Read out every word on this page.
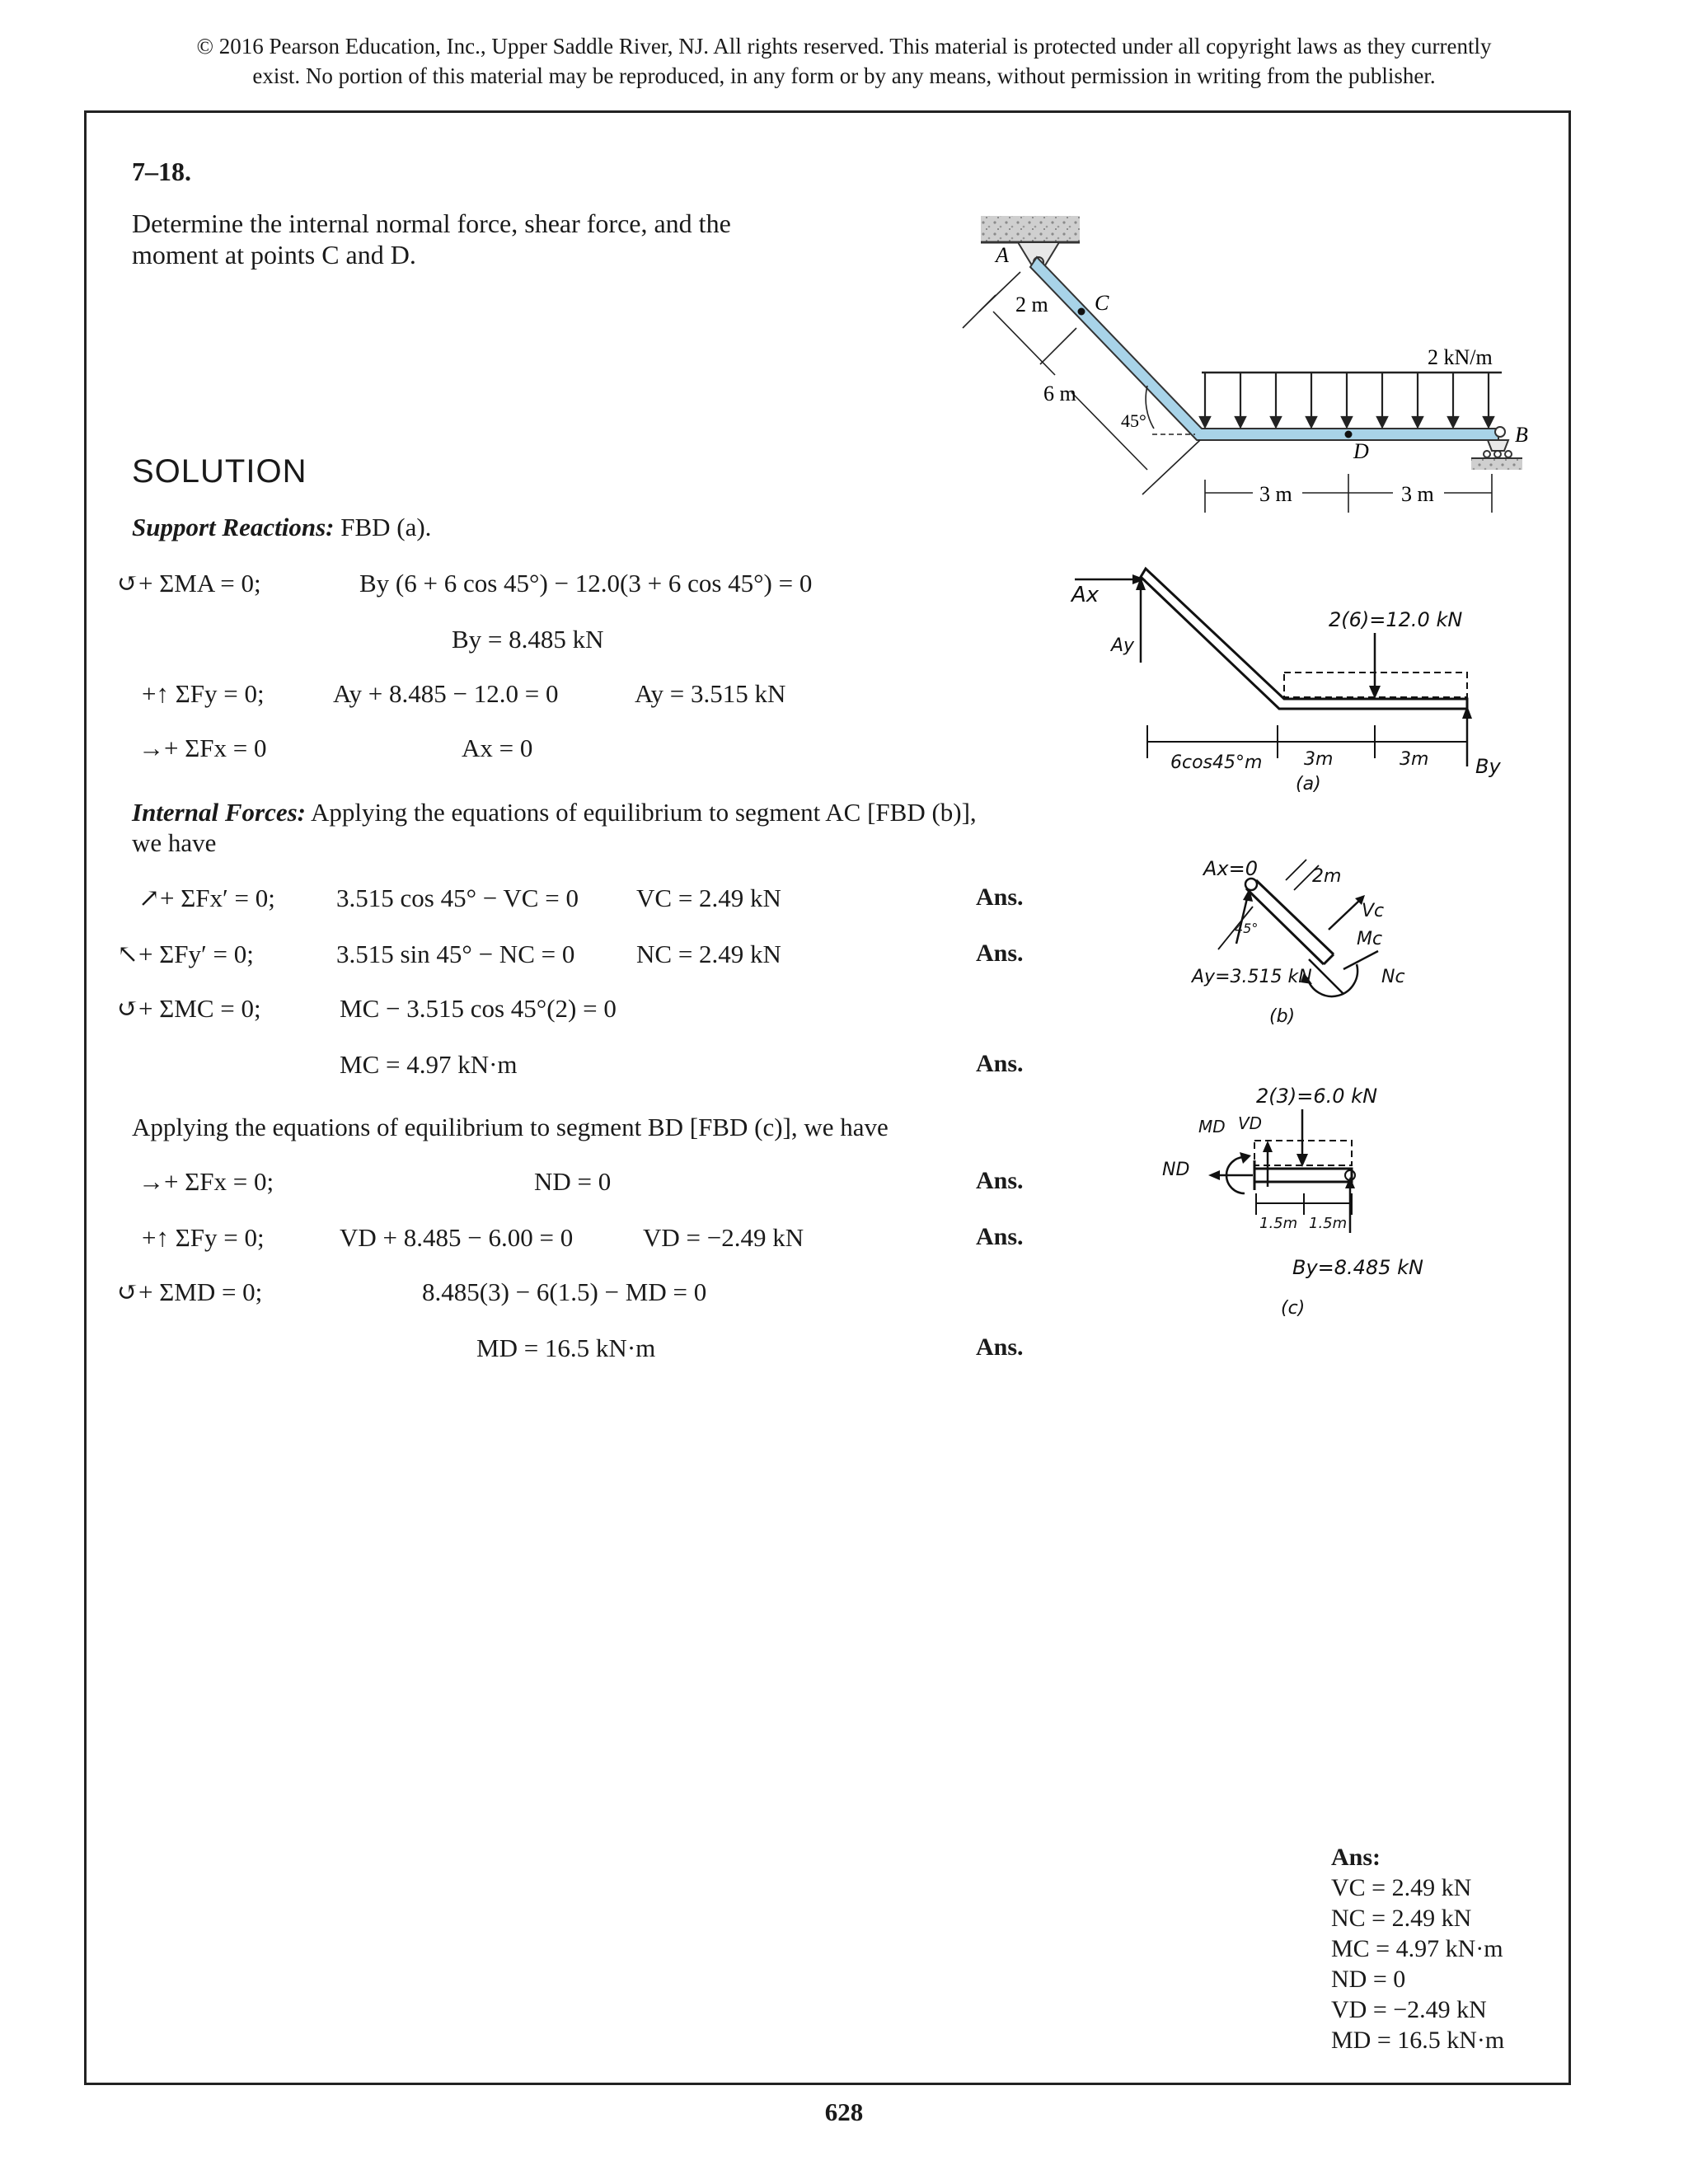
© 2016 Pearson Education, Inc., Upper Saddle River, NJ. All rights reserved. This material is protected under all copyright laws as they currently
exist. No portion of this material may be reproduced, in any form or by any means, without permission in writing from the publisher.
7–18.
Determine the internal normal force, shear force, and the
moment at points C and D.	A
2 m C
2 kN/m
6 m
45°
B
D
3 m	3 m
SOLUTION
Support Reactions: FBD (a).
↺+ ΣMA = 0;	By (6 + 6 cos 45°) − 12.0(3 + 6 cos 45°) = 0
By = 8.485 kN
+↑ ΣFy = 0;	Ay + 8.485 − 12.0 = 0	Ay = 3.515 kN
→+ ΣFx = 0	Ax = 0
Ax
Ay
2(6)=12.0 kN
6cos45°m 3m	3m By
(a)
Internal Forces: Applying the equations of equilibrium to segment AC [FBD (b)],
we have
↗+ ΣFx′ = 0; 3.515 cos 45° − VC = 0 VC = 2.49 kN	Ans.
↖+ ΣFy′ = 0;	3.515 sin 45° − NC = 0 NC = 2.49 kN	Ans.
↺+ ΣMC = 0;	MC − 3.515 cos 45°(2) = 0
MC = 4.97 kN·m	Ans.
Ax=0	2m
45°
Vc
Mc
Nc
Ay=3.515 kN
(b)
Applying the equations of equilibrium to segment BD [FBD (c)], we have
→+ ΣFx = 0;	ND = 0	Ans.
+↑ ΣFy = 0;	VD + 8.485 − 6.00 = 0	VD = −2.49 kN	Ans.
↺+ ΣMD = 0;	8.485(3) − 6(1.5) − MD = 0
MD = 16.5 kN·m	Ans.
2(3)=6.0 kN
MD VD
ND
1.5m 1.5m
By=8.485 kN
(c)
Ans:
VC = 2.49 kN
NC = 2.49 kN
MC = 4.97 kN·m
ND = 0
VD = −2.49 kN
MD = 16.5 kN·m
628
